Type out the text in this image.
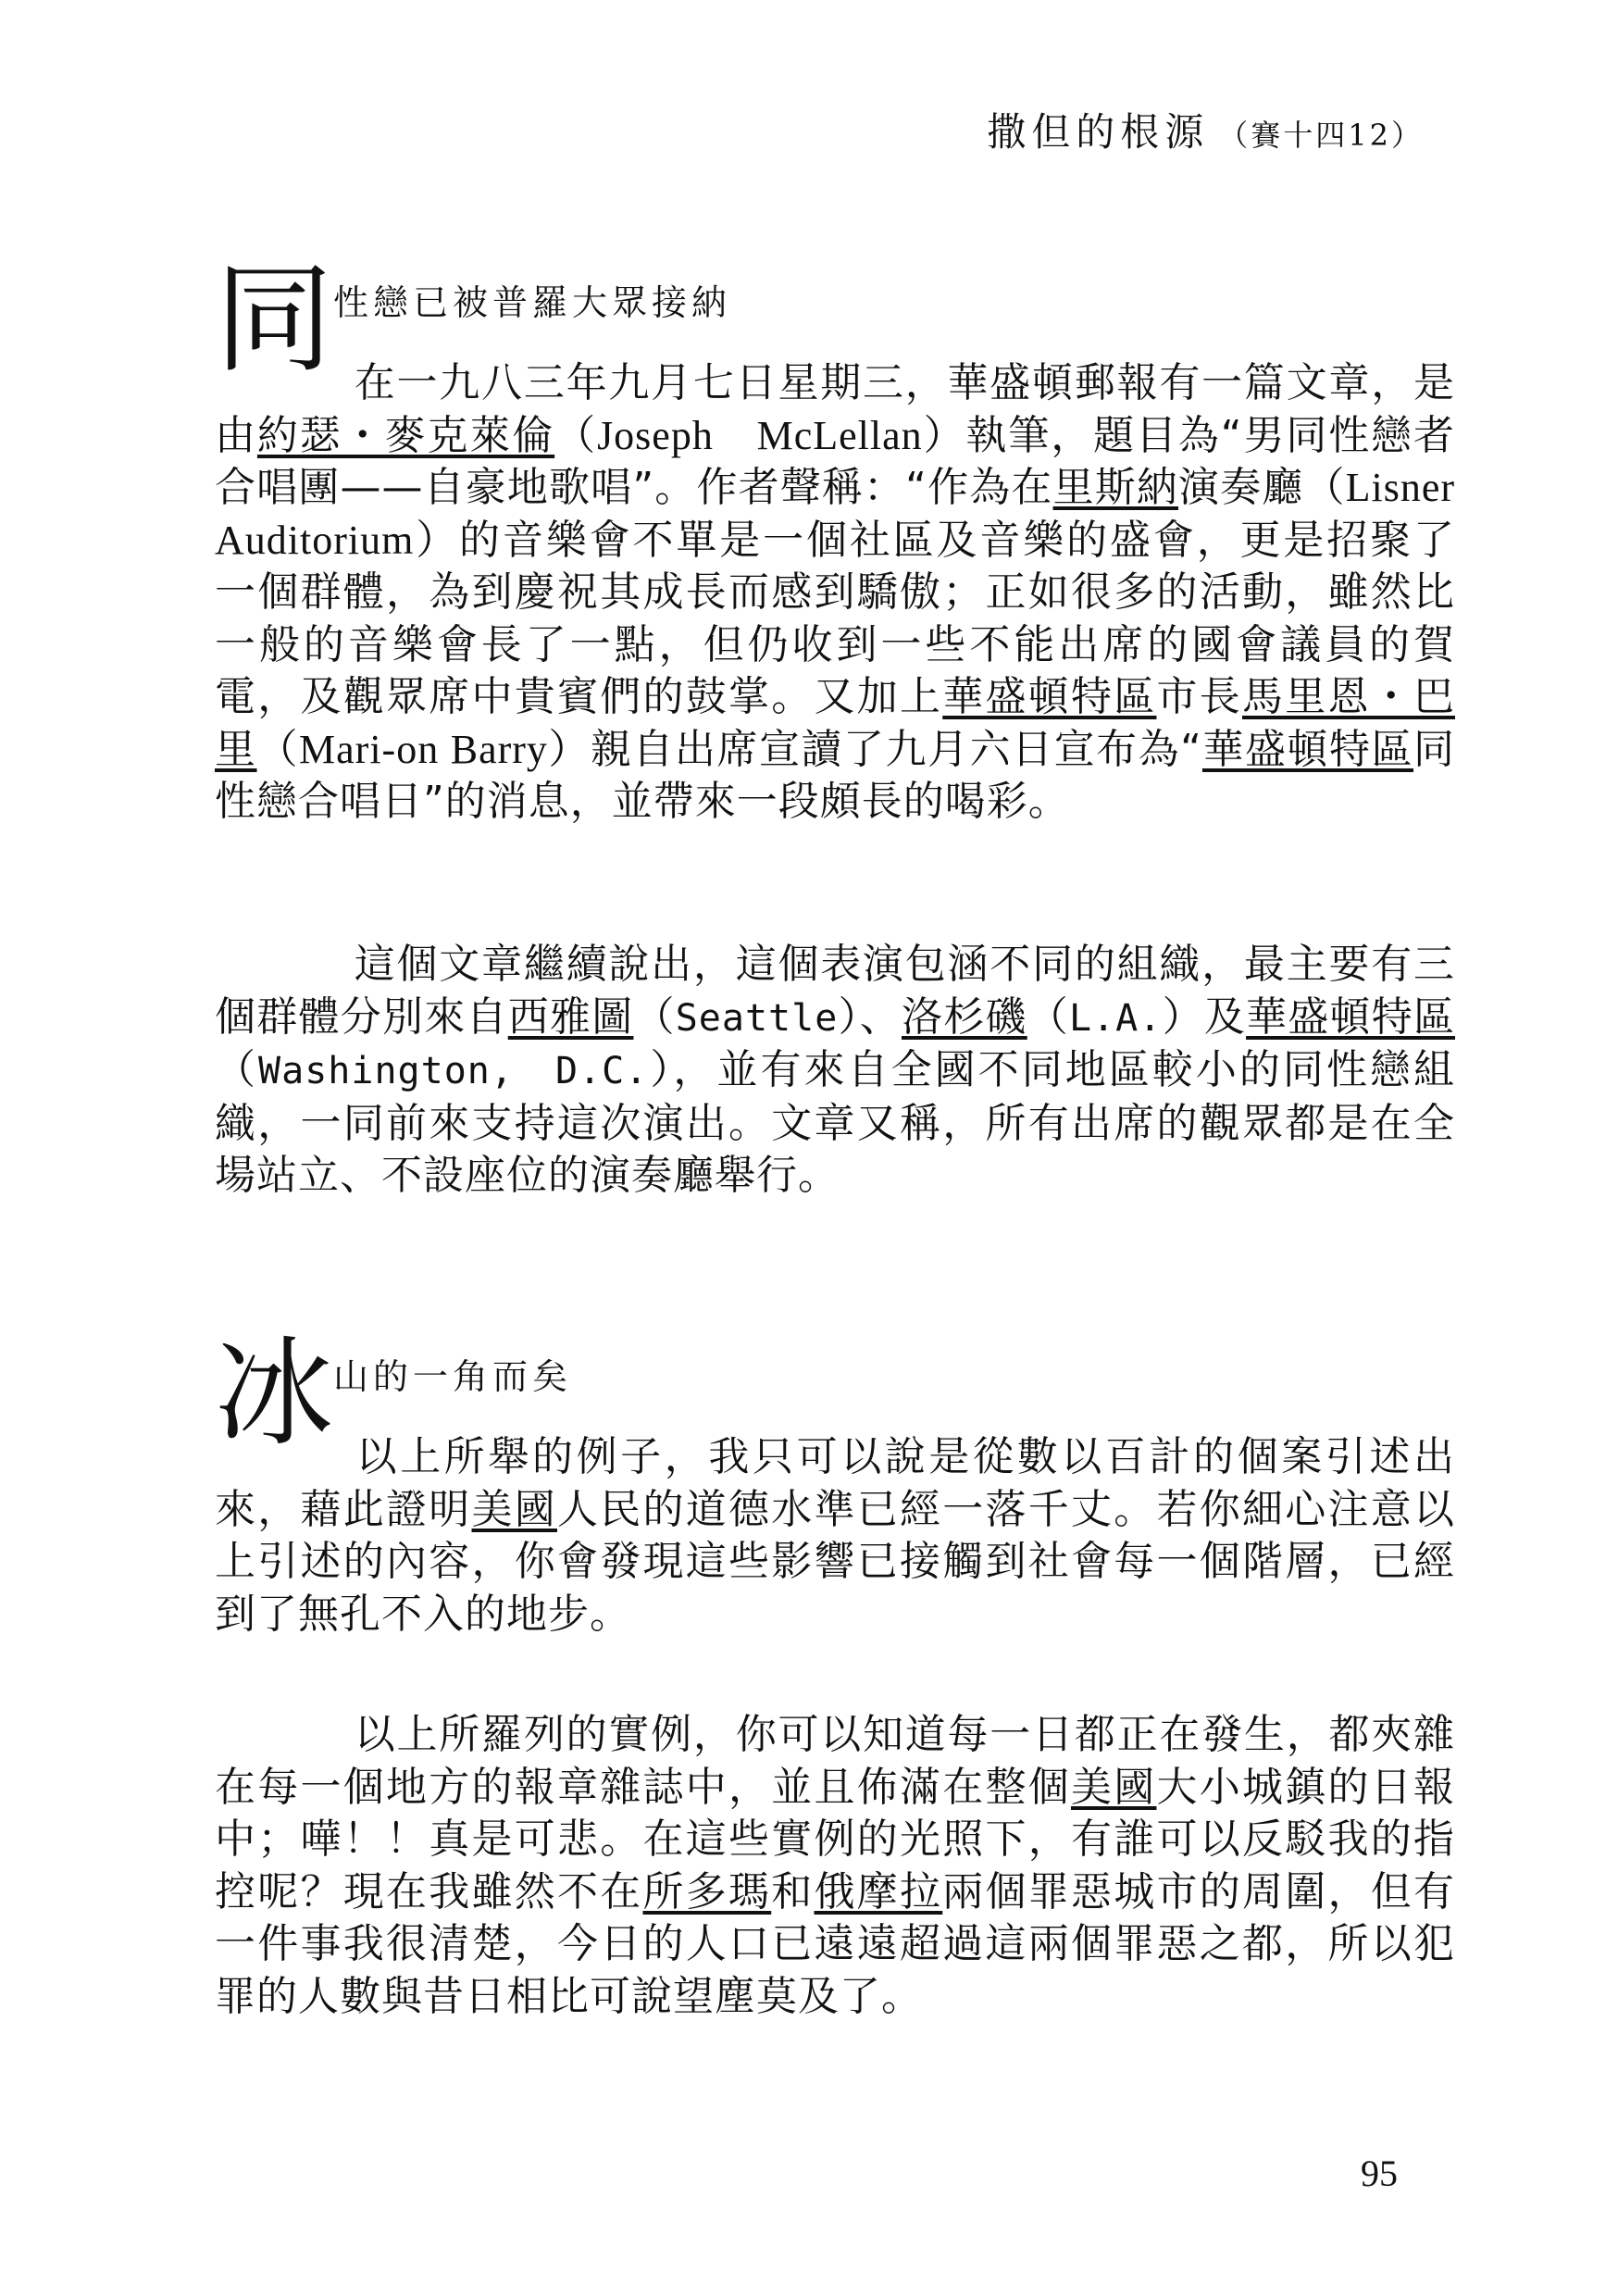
撒但的根源 （賽十四12）
同 性戀已被普羅大眾接納

在一九八三年九月七日星期三，華盛頓郵報有一篇文章，是由約瑟・麥克萊倫（Joseph　McLellan）執筆，題目為“男同性戀者合唱團——自豪地歌唱”。作者聲稱：“作為在里斯納演奏廳（Lisner Auditorium）的音樂會不單是一個社區及音樂的盛會，更是招聚了一個群體，為到慶祝其成長而感到驕傲；正如很多的活動，雖然比一般的音樂會長了一點，但仍收到一些不能出席的國會議員的賀電，及觀眾席中貴賓們的鼓掌。又加上華盛頓特區市長馬里恩・巴里（Mari-on Barry）親自出席宣讀了九月六日宣布為“華盛頓特區同性戀合唱日”的消息，並帶來一段頗長的喝彩。

這個文章繼續說出，這個表演包涵不同的組織，最主要有三個群體分別來自西雅圖（Seattle）、洛杉磯（L.A.）及華盛頓特區（Washington,　D.C.），並有來自全國不同地區較小的同性戀組織，一同前來支持這次演出。文章又稱，所有出席的觀眾都是在全場站立、不設座位的演奏廳舉行。

冰 山的一角而矣

以上所舉的例子，我只可以說是從數以百計的個案引述出來，藉此證明美國人民的道德水準已經一落千丈。若你細心注意以上引述的內容，你會發現這些影響已接觸到社會每一個階層，已經到了無孔不入的地步。

以上所羅列的實例，你可以知道每一日都正在發生，都夾雜在每一個地方的報章雜誌中，並且佈滿在整個美國大小城鎮的日報中；嘩！！真是可悲。在這些實例的光照下，有誰可以反駁我的指控呢？現在我雖然不在所多瑪和俄摩拉兩個罪惡城市的周圍，但有一件事我很清楚，今日的人口已遠遠超過這兩個罪惡之都，所以犯罪的人數與昔日相比可說望塵莫及了。

95
